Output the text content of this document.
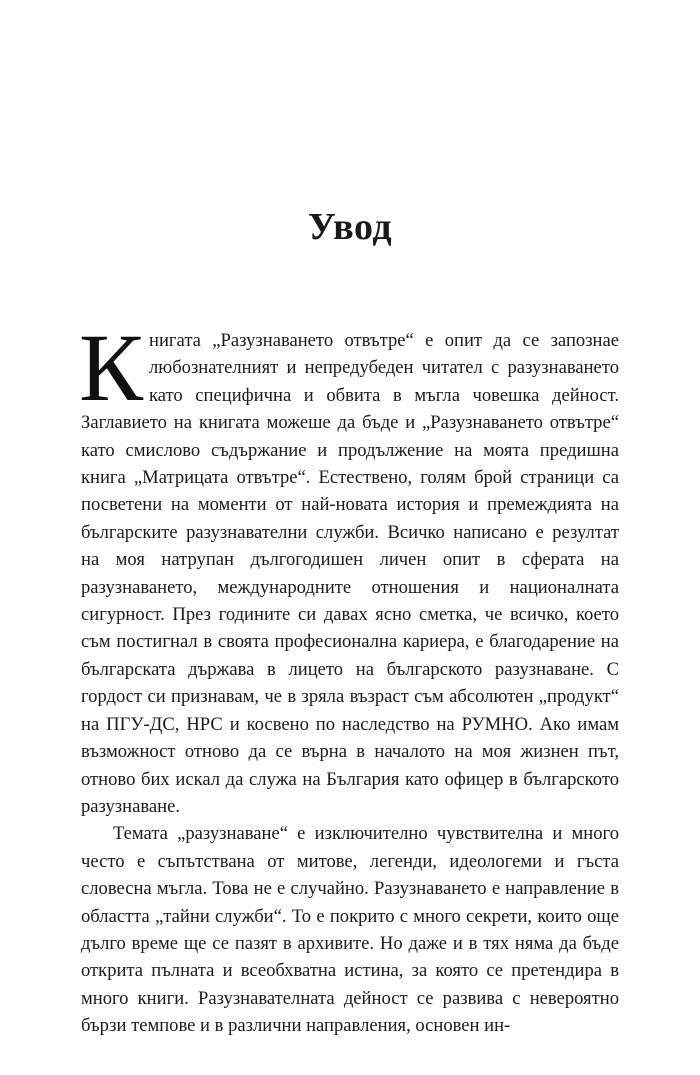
Увод

Книгата „Разузнаването отвътре“ е опит да се запознае любознателният и непредубеден читател с разузнаването като специфична и обвита в мъгла човешка дейност. Заглавието на книгата можеше да бъде и „Разузнаването отвътре“ като смислово съдържание и продължение на моята предишна книга „Матрицата отвътре“. Естествено, голям брой страници са посветени на моменти от най-новата история и премеждията на българските разузнавателни служби. Всичко написано е резултат на моя натрупан дългогодишен личен опит в сферата на разузнаването, международните отношения и националната сигурност. През годините си давах ясно сметка, че всичко, което съм постигнал в своята професионална кариера, е благодарение на българската държава в лицето на българското разузнаване. С гордост си признавам, че в зряла възраст съм абсолютен „продукт“ на ПГУ-ДС, НРС и косвено по наследство на РУМНО. Ако имам възможност отново да се върна в началото на моя жизнен път, отново бих искал да служа на България като офицер в българското разузнаване.

Темата „разузнаване“ е изключително чувствителна и много често е съпътствана от митове, легенди, идеологеми и гъста словесна мъгла. Това не е случайно. Разузнаването е направление в областта „тайни служби“. То е покрито с много секрети, които още дълго време ще се пазят в архивите. Но даже и в тях няма да бъде открита пълната и всеобхватна истина, за която се претендира в много книги. Разузнавателната дейност се развива с невероятно бързи темпове и в различни направления, основен ин-
